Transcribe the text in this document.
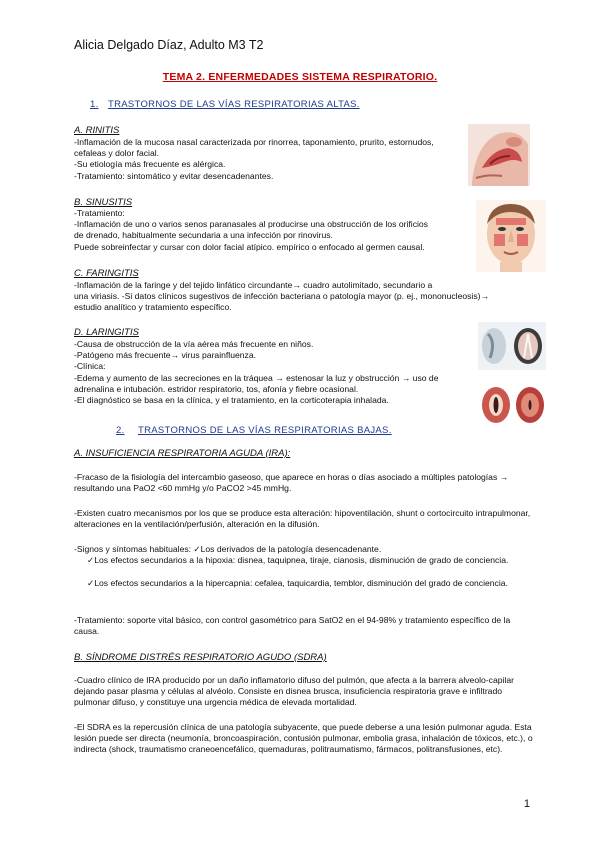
Alicia Delgado Díaz, Adulto M3 T2
TEMA 2. ENFERMEDADES SISTEMA RESPIRATORIO.
1. TRASTORNOS DE LAS VÍAS RESPIRATORIAS ALTAS.
A. RINITIS
-Inflamación de la mucosa nasal caracterizada por rinorrea, taponamiento, prurito, estornudos,
cefaleas y dolor facial.
-Su etiología más frecuente es alérgica.
-Tratamiento: sintomático y evitar desencadenantes.
B. SINUSITIS
-Tratamiento:
-Inflamación de uno o varios senos paranasales al producirse una obstrucción de los orificios
de drenado, habitualmente secundaria a una infección por rinovirus.
Puede sobreinfectar y cursar con dolor facial atípico. empírico o enfocado al germen causal.
C. FARINGITIS
-Inflamación de la faringe y del tejido linfático circundante→ cuadro autolimitado, secundario a
una viriasis. -Si datos clínicos sugestivos de infección bacteriana o patología mayor (p. ej., mononucleosis)→
estudio analítico y tratamiento específico.
D. LARINGITIS
-Causa de obstrucción de la vía aérea más frecuente en niños.
-Patógeno más frecuente→ virus parainfluenza.
-Clínica:
-Edema y aumento de las secreciones en la tráquea → estenosar la luz y obstrucción → uso de
adrenalina e intubación. estridor respiratorio, tos, afonía y fiebre ocasional.
-El diagnóstico se basa en la clínica, y el tratamiento, en la corticoterapia inhalada.
2. TRASTORNOS DE LAS VÍAS RESPIRATORIAS BAJAS.
A. INSUFICIENCIA RESPIRATORIA AGUDA (IRA):
-Fracaso de la fisiología del intercambio gaseoso, que aparece en horas o días asociado a múltiples patologías → resultando una PaO2 <60 mmHg y/o PaCO2 >45 mmHg.
-Existen cuatro mecanismos por los que se produce esta alteración: hipoventilación, shunt o cortocircuito intrapulmonar, alteraciones en la ventilación/perfusión, alteración en la difusión.
-Signos y síntomas habituales: ✓Los derivados de la patología desencadenante.
✓Los efectos secundarios a la hipoxia: disnea, taquipnea, tiraje, cianosis, disminución de grado de conciencia.
✓Los efectos secundarios a la hipercapnia: cefalea, taquicardia, temblor, disminución del grado de conciencia.
-Tratamiento: soporte vital básico, con control gasométrico para SatO2 en el 94-98% y tratamiento específico de la causa.
B. SÍNDROME DISTRÉS RESPIRATORIO AGUDO (SDRA)
-Cuadro clínico de IRA producido por un daño inflamatorio difuso del pulmón, que afecta a la barrera alveolo-capilar dejando pasar plasma y células al alvéolo. Consiste en disnea brusca, insuficiencia respiratoria grave e infiltrado pulmonar difuso, y constituye una urgencia médica de elevada mortalidad.
-El SDRA es la repercusión clínica de una patología subyacente, que puede deberse a una lesión pulmonar aguda. Esta lesión puede ser directa (neumonía, broncoaspiración, contusión pulmonar, embolia grasa, inhalación de tóxicos, etc.), o indirecta (shock, traumatismo craneoencefálico, quemaduras, politraumatismo, fármacos, politransfusiones, etc).
1
